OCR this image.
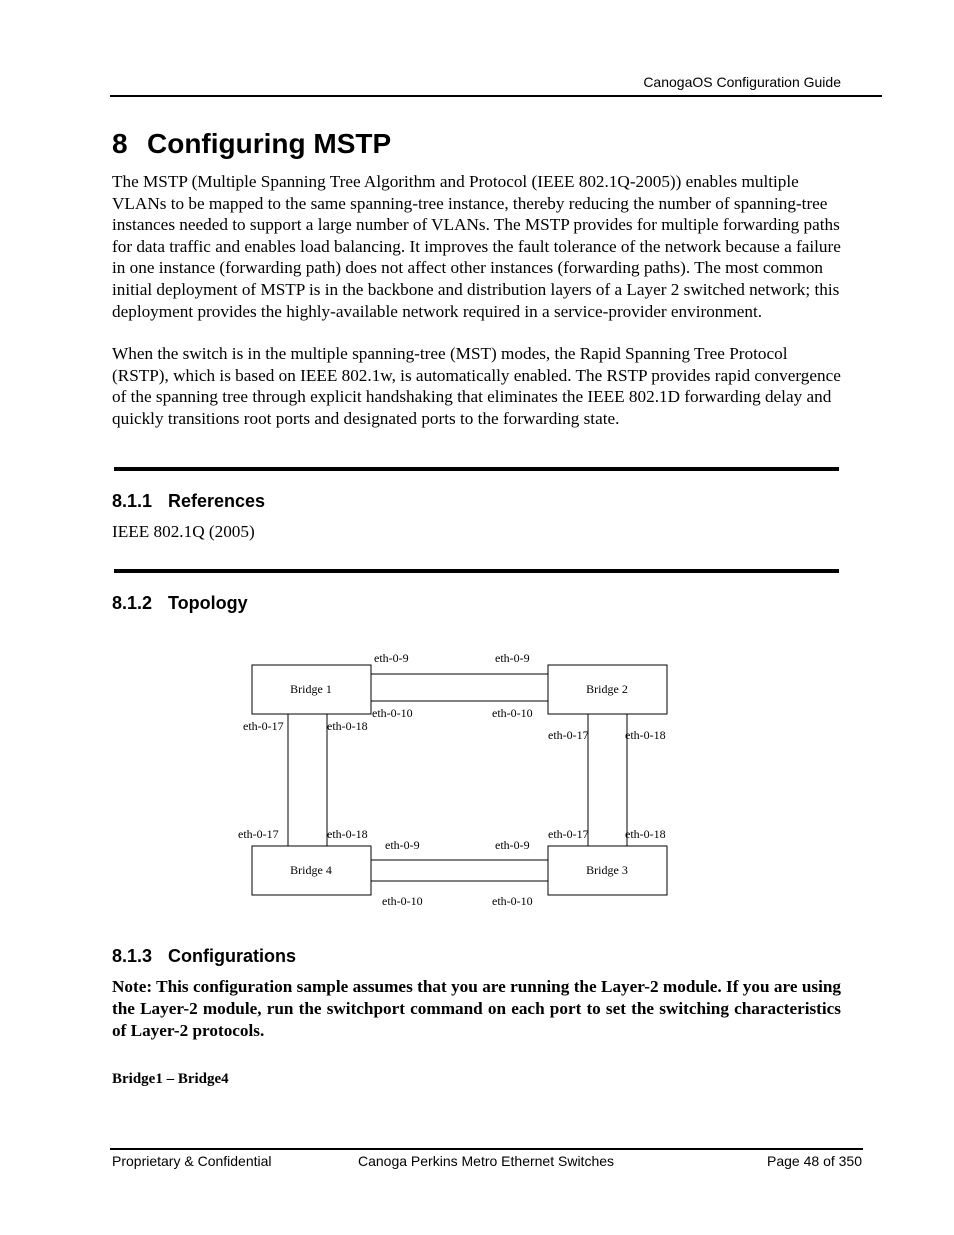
CanogaOS Configuration Guide
8 Configuring MSTP

The MSTP (Multiple Spanning Tree Algorithm and Protocol (IEEE 802.1Q-2005)) enables multiple VLANs to be mapped to the same spanning-tree instance, thereby reducing the number of spanning-tree instances needed to support a large number of VLANs. The MSTP provides for multiple forwarding paths for data traffic and enables load balancing. It improves the fault tolerance of the network because a failure in one instance (forwarding path) does not affect other instances (forwarding paths). The most common initial deployment of MSTP is in the backbone and distribution layers of a Layer 2 switched network; this deployment provides the highly-available network required in a service-provider environment.

When the switch is in the multiple spanning-tree (MST) modes, the Rapid Spanning Tree Protocol (RSTP), which is based on IEEE 802.1w, is automatically enabled. The RSTP provides rapid convergence of the spanning tree through explicit handshaking that eliminates the IEEE 802.1D forwarding delay and quickly transitions root ports and designated ports to the forwarding state.

8.1.1 References
IEEE 802.1Q (2005)
8.1.2 Topology
Bridge 1	Bridge 2
Bridge 4	Bridge 3
eth-0-9	eth-0-9
eth-0-10	eth-0-10
eth-0-17	eth-0-18
eth-0-17	eth-0-18
eth-0-17	eth-0-18	eth-0-17	eth-0-18
eth-0-9	eth-0-9
eth-0-10	eth-0-10
8.1.3 Configurations

Note: This configuration sample assumes that you are running the Layer-2 module. If you are using the Layer-2 module, run the switchport command on each port to set the switching characteristics of Layer-2 protocols.

Bridge1 – Bridge4

Proprietary & Confidential	Canoga Perkins Metro Ethernet Switches	Page 48 of 350
